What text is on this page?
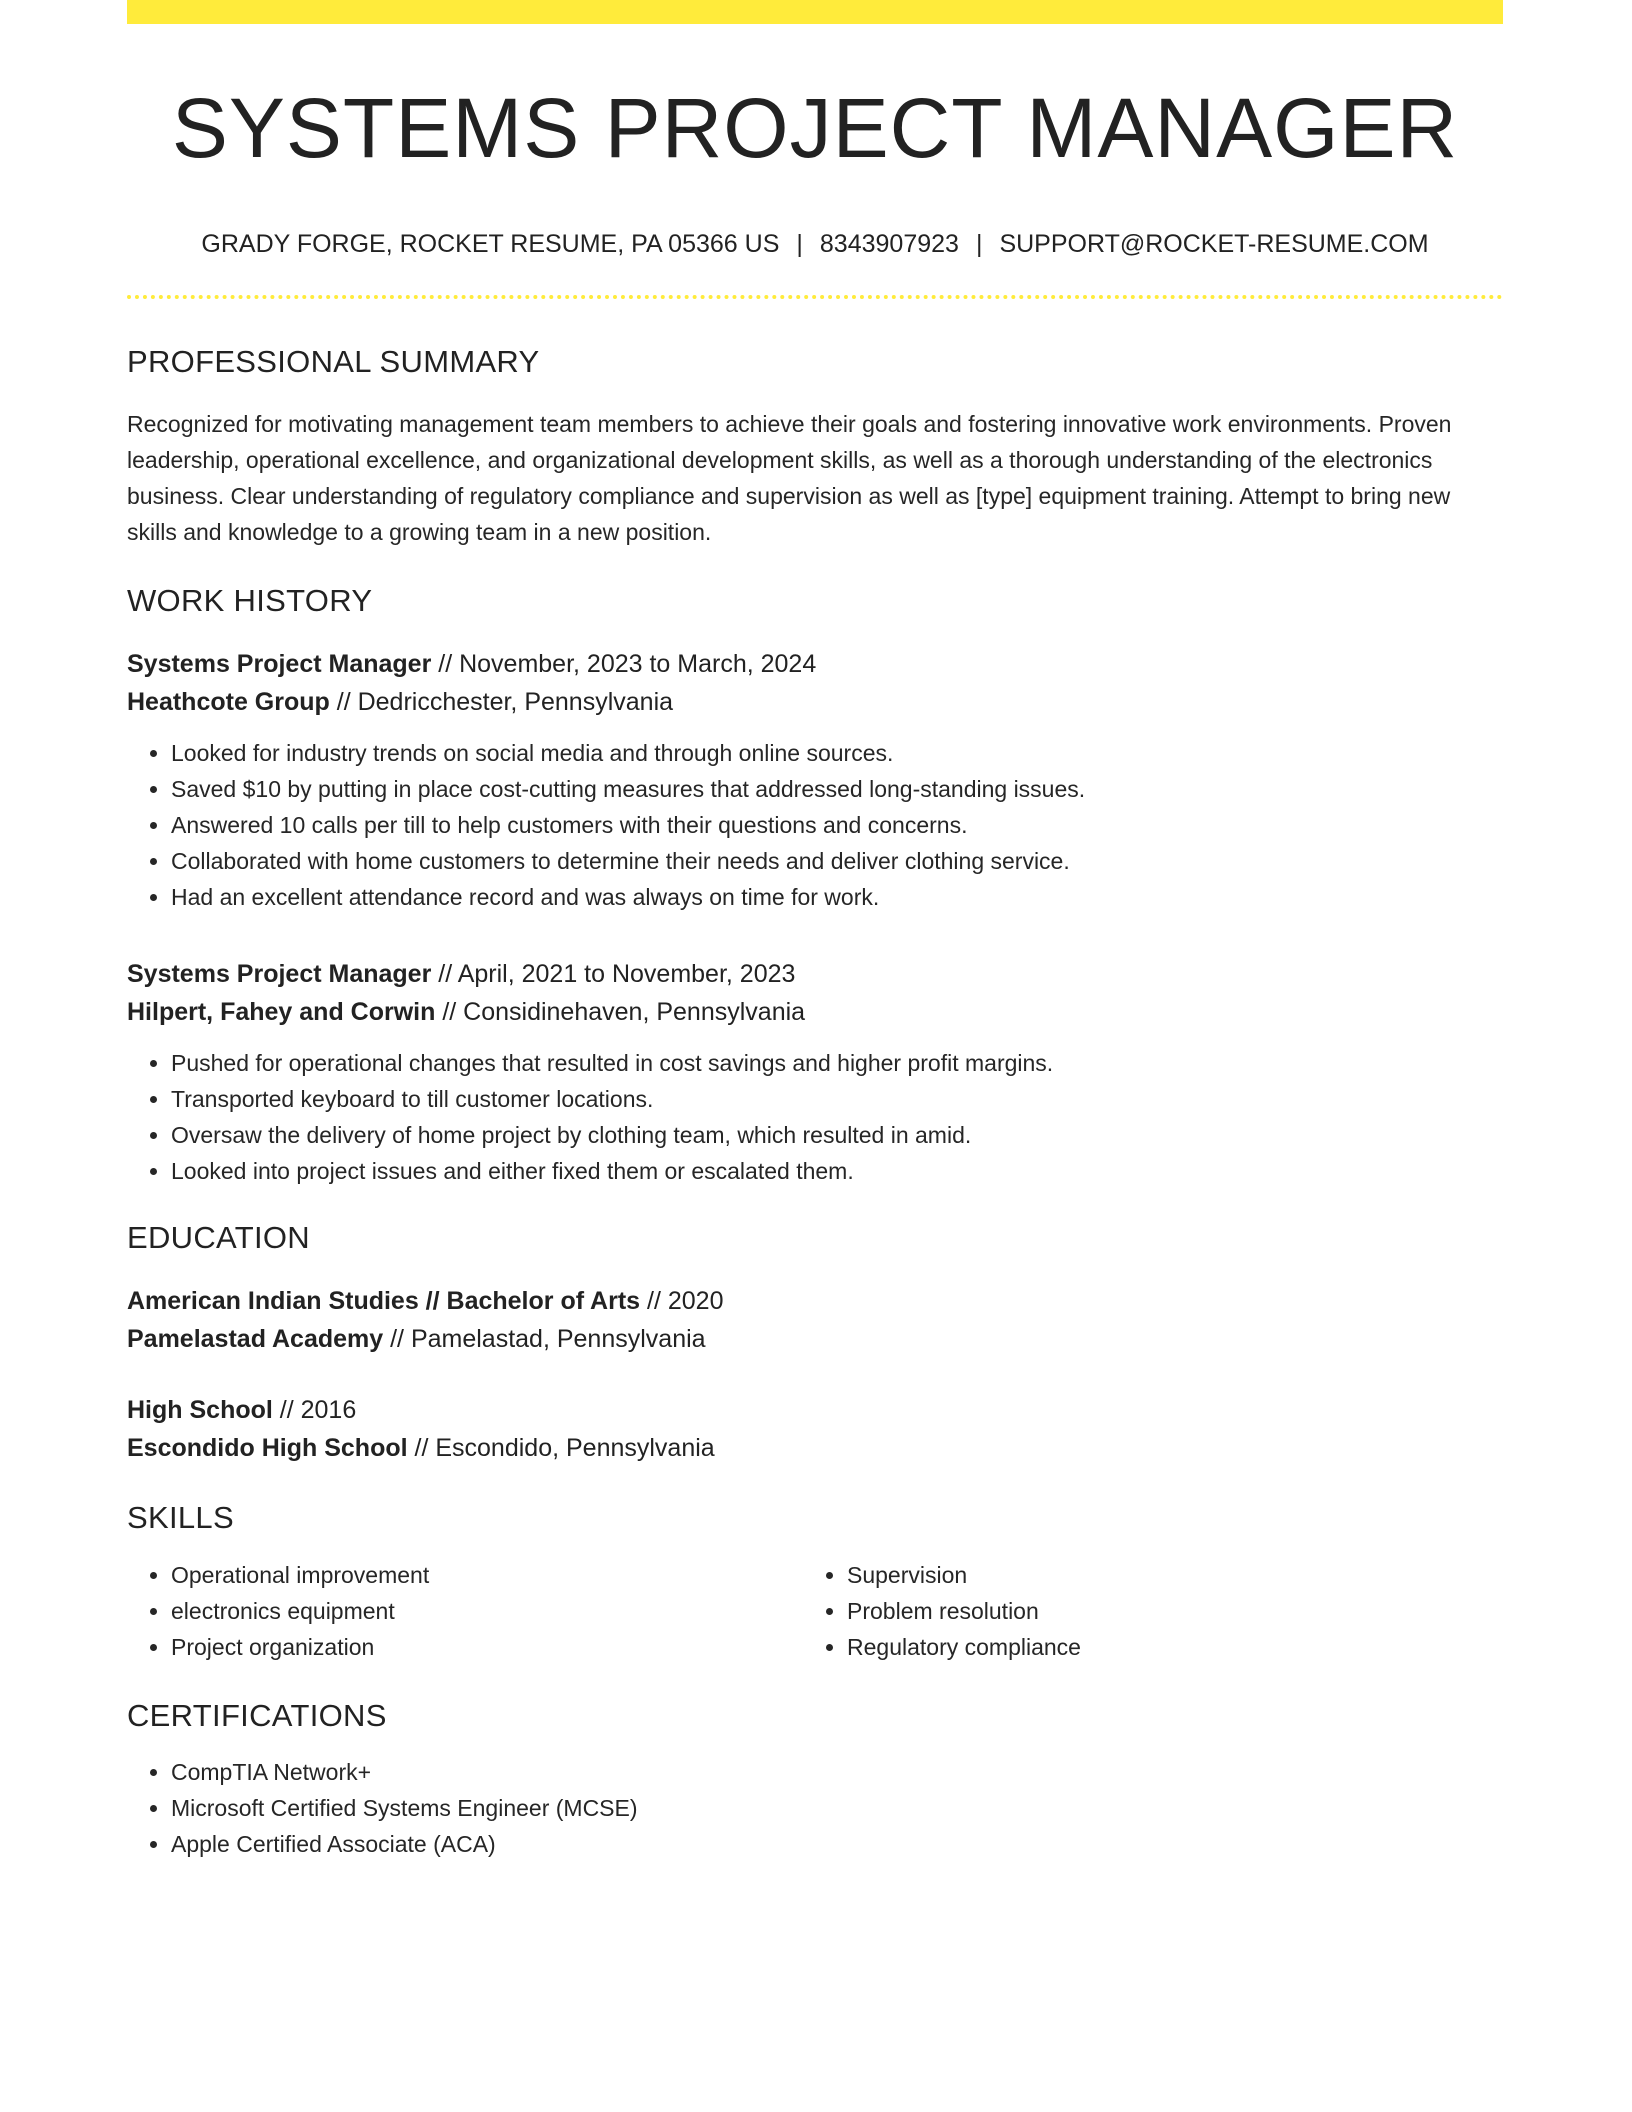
SYSTEMS PROJECT MANAGER
GRADY FORGE, ROCKET RESUME, PA 05366 US | 8343907923 | SUPPORT@ROCKET-RESUME.COM
PROFESSIONAL SUMMARY

Recognized for motivating management team members to achieve their goals and fostering innovative work environments. Proven leadership, operational excellence, and organizational development skills, as well as a thorough understanding of the electronics business. Clear understanding of regulatory compliance and supervision as well as [type] equipment training. Attempt to bring new skills and knowledge to a growing team in a new position.

WORK HISTORY
Systems Project Manager // November, 2023 to March, 2024
Heathcote Group // Dedricchester, Pennsylvania
• Looked for industry trends on social media and through online sources.
• Saved $10 by putting in place cost-cutting measures that addressed long-standing issues.
• Answered 10 calls per till to help customers with their questions and concerns.
• Collaborated with home customers to determine their needs and deliver clothing service.
• Had an excellent attendance record and was always on time for work.
Systems Project Manager // April, 2021 to November, 2023
Hilpert, Fahey and Corwin // Considinehaven, Pennsylvania
• Pushed for operational changes that resulted in cost savings and higher profit margins.
• Transported keyboard to till customer locations.
• Oversaw the delivery of home project by clothing team, which resulted in amid.
• Looked into project issues and either fixed them or escalated them.
EDUCATION
American Indian Studies // Bachelor of Arts // 2020
Pamelastad Academy // Pamelastad, Pennsylvania
High School // 2016
Escondido High School // Escondido, Pennsylvania
SKILLS
• Operational improvement
• electronics equipment
• Project organization
• Supervision
• Problem resolution
• Regulatory compliance
CERTIFICATIONS
• CompTIA Network+
• Microsoft Certified Systems Engineer (MCSE)
• Apple Certified Associate (ACA)
